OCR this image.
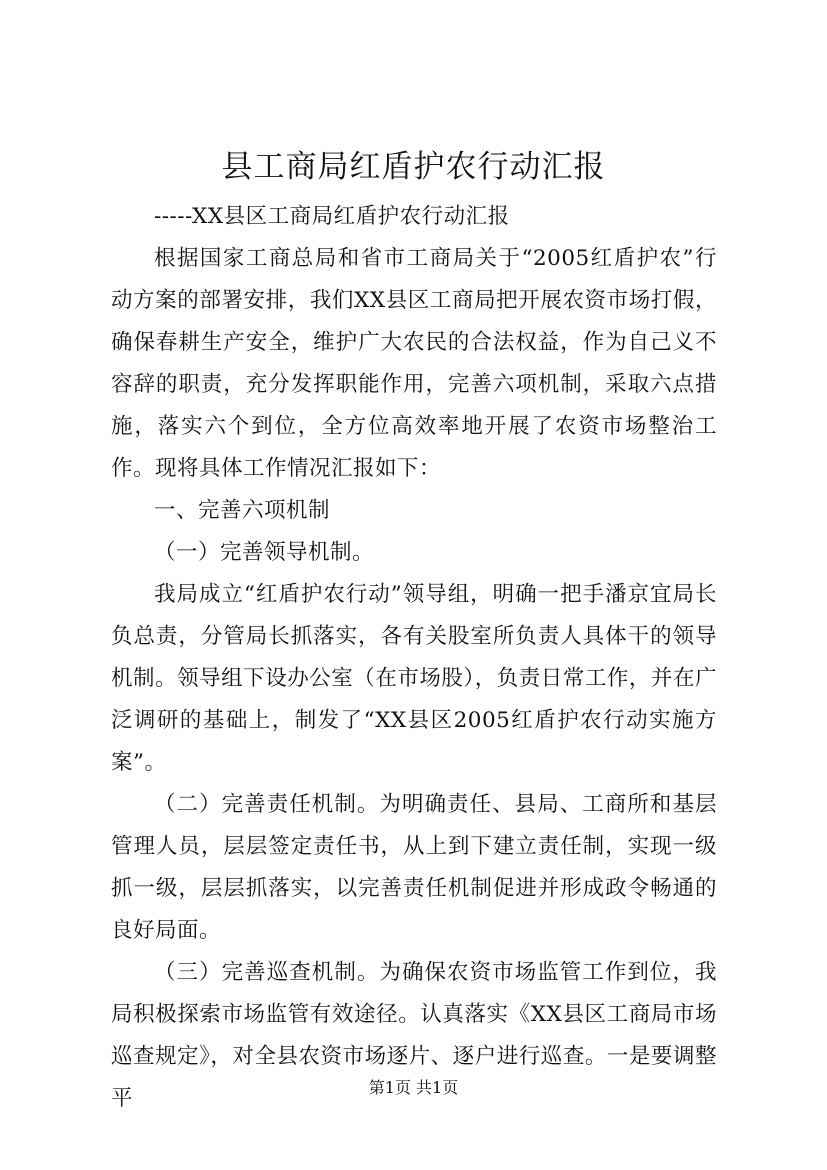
县工商局红盾护农行动汇报

-----XX县区工商局红盾护农行动汇报

根据国家工商总局和省市工商局关于“2005红盾护农”行动方案的部署安排，我们XX县区工商局把开展农资市场打假，确保春耕生产安全，维护广大农民的合法权益，作为自己义不容辞的职责，充分发挥职能作用，完善六项机制，采取六点措施，落实六个到位，全方位高效率地开展了农资市场整治工作。现将具体工作情况汇报如下：

一、完善六项机制

（一）完善领导机制。

我局成立“红盾护农行动”领导组，明确一把手潘京宜局长负总责，分管局长抓落实，各有关股室所负责人具体干的领导机制。领导组下设办公室（在市场股），负责日常工作，并在广泛调研的基础上，制发了“XX县区2005红盾护农行动实施方案”。

（二）完善责任机制。为明确责任、县局、工商所和基层管理人员，层层签定责任书，从上到下建立责任制，实现一级抓一级，层层抓落实，以完善责任机制促进并形成政令畅通的良好局面。

（三）完善巡查机制。为确保农资市场监管工作到位，我局积极探索市场监管有效途径。认真落实《XX县区工商局市场巡查规定》，对全县农资市场逐片、逐户进行巡查。一是要调整平	第1页 共1页
